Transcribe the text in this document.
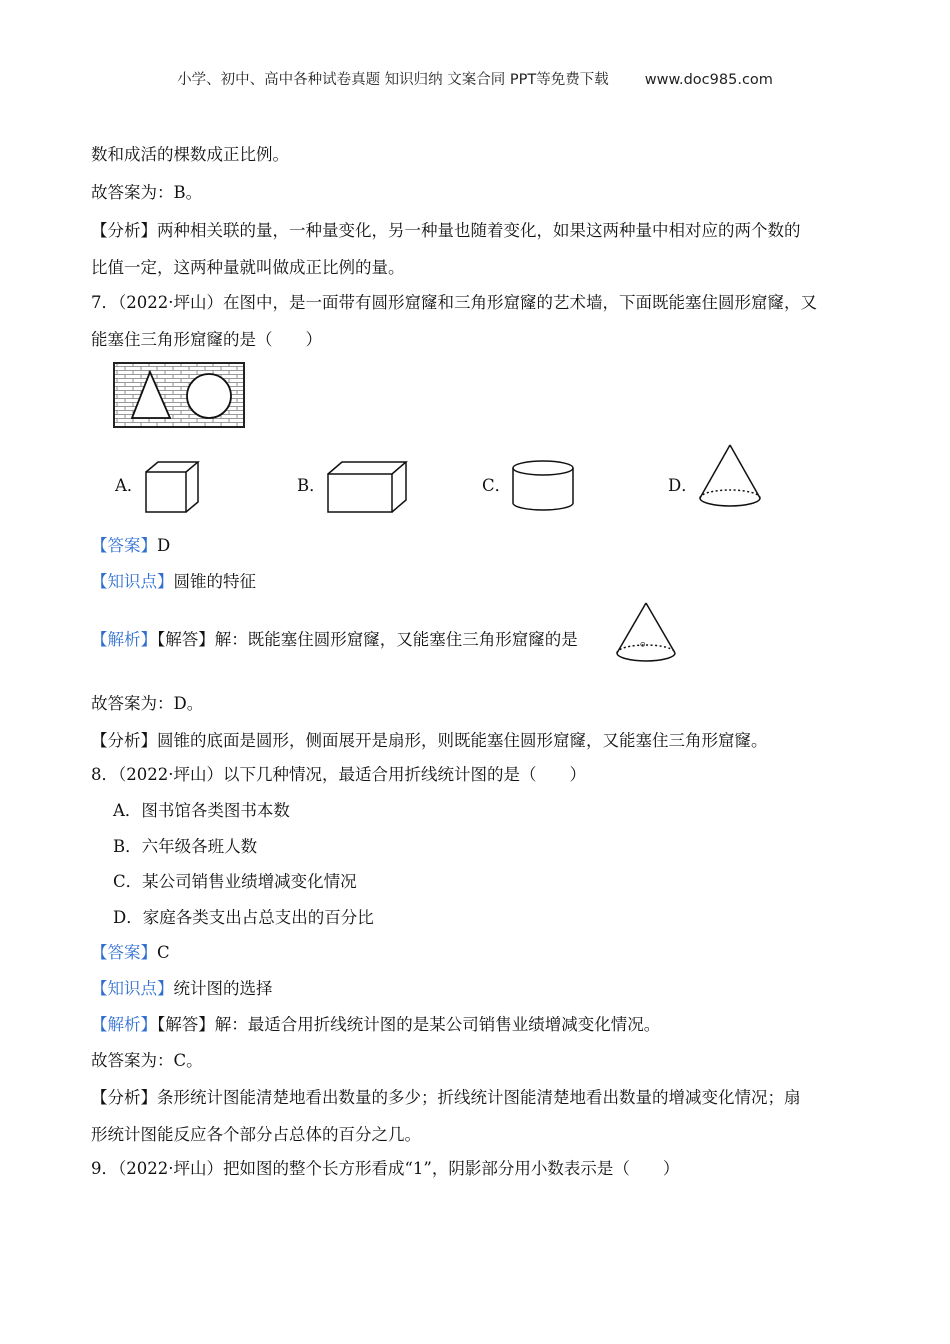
小学、初中、高中各种试卷真题 知识归纳 文案合同 PPT等免费下载 www.doc985.com
数和成活的棵数成正比例。
故答案为：B。
【分析】两种相关联的量，一种量变化，另一种量也随着变化，如果这两种量中相对应的两个数的
比值一定，这两种量就叫做成正比例的量。
7．（2022·坪山）在图中，是一面带有圆形窟窿和三角形窟窿的艺术墙，下面既能塞住圆形窟窿，又
能塞住三角形窟窿的是（　　）
A．	B．	C．	D．
【答案】D
【知识点】圆锥的特征
【解析】【解答】解：既能塞住圆形窟窿，又能塞住三角形窟窿的是	。
故答案为：D。
【分析】圆锥的底面是圆形，侧面展开是扇形，则既能塞住圆形窟窿，又能塞住三角形窟窿。
8．（2022·坪山）以下几种情况，最适合用折线统计图的是（　　）
A．图书馆各类图书本数
B．六年级各班人数
C．某公司销售业绩增减变化情况
D．家庭各类支出占总支出的百分比
【答案】C
【知识点】统计图的选择
【解析】【解答】解：最适合用折线统计图的是某公司销售业绩增减变化情况。
故答案为：C。
【分析】条形统计图能清楚地看出数量的多少；折线统计图能清楚地看出数量的增减变化情况；扇
形统计图能反应各个部分占总体的百分之几。
9．（2022·坪山）把如图的整个长方形看成“1”，阴影部分用小数表示是（　　）
